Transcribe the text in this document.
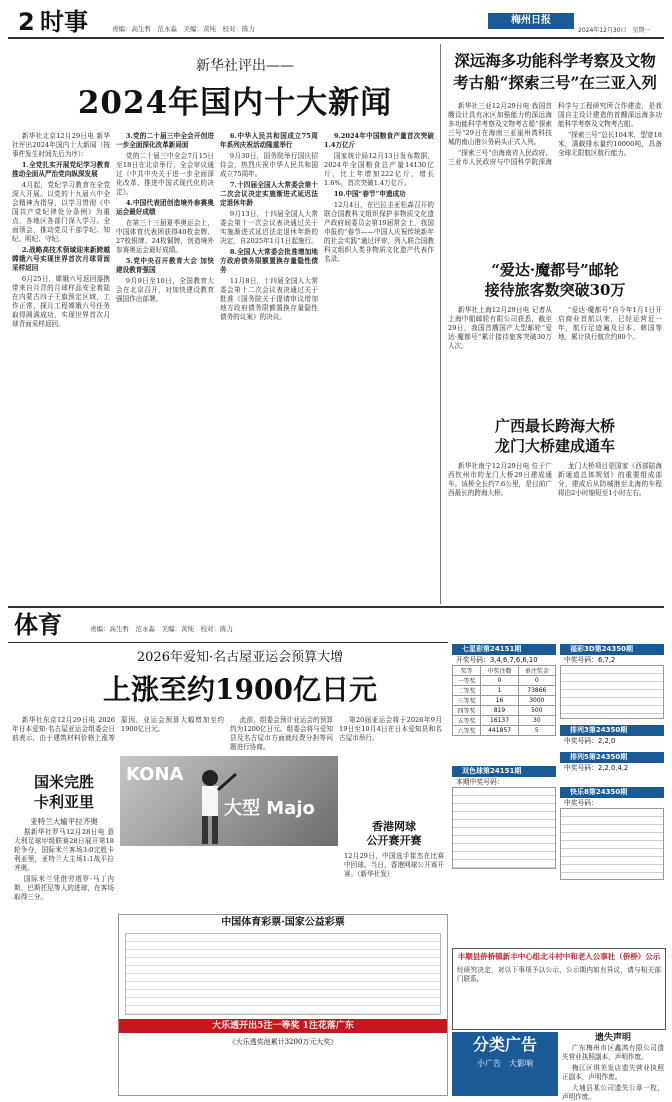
2 时事	责编：高生哲　范永淼　美编：黄纯　校对：陈力
梅州日报
2024年12月30日　星期一
新华社评出——
2024年国内十大新闻

新华社北京12月29日电 新华社评出2024年国内十大新闻（按事件发生时间先后为序）：

1.全党扎实开展党纪学习教育 推动全面从严治党向纵深发展

4月起，党纪学习教育在全党深入开展。以党的十九届六中全会精神为指导，以学习贯彻《中国共产党纪律处分条例》为重点，各地区各部门深入学习、全面领会，推动党员干部学纪、知纪、明纪、守纪。

2.战略高技术领域迎来新跨越 嫦娥六号实现世界首次月球背面采样返回

6月25日，嫦娥六号返回器携带来自月背的月球样品安全着陆在内蒙古四子王旗预定区域，工作正常，探月工程嫦娥六号任务取得圆满成功，实现世界首次月球背面采样返回。

3.党的二十届三中全会开创进一步全面深化改革新局面

党的二十届三中全会7月15日至18日在北京举行，全会审议通过《中共中央关于进一步全面深化改革、推进中国式现代化的决定》。

4.中国代表团创造境外参赛奥运会最好成绩

在第三十三届夏季奥运会上，中国体育代表团获得40枚金牌、27枚银牌、24枚铜牌，创造境外参赛奥运会最好成绩。

5.党中央召开教育大会 加快建设教育强国

9月9日至10日，全国教育大会在北京召开，对加快建设教育强国作出部署。

6.中华人民共和国成立75周年系列庆祝活动隆重举行

9月30日，国务院举行国庆招待会，热烈庆祝中华人民共和国成立75周年。

7.十四届全国人大常委会第十二次会议决定实施渐进式延迟法定退休年龄

9月13日，十四届全国人大常委会第十一次会议表决通过关于实施渐进式延迟法定退休年龄的决定，自2025年1月1日起施行。

8.全国人大常委会批准增加地方政府债务限额置换存量隐性债务

11月8日，十四届全国人大常委会第十二次会议表决通过关于批准《国务院关于提请审议增加地方政府债务限额置换存量隐性债务的议案》的决议。

9.2024年中国粮食产量首次突破1.4万亿斤

国家统计局12月13日发布数据，2024年全国粮食总产量14130亿斤，比上年增加222亿斤，增长1.6%，首次突破1.4万亿斤。

10.中国“春节”申遗成功

12月4日，在巴拉圭亚松森召开的联合国教科文组织保护非物质文化遗产政府间委员会第19届常会上，我国申报的“春节——中国人庆祝传统新年的社会实践”通过评审，列入联合国教科文组织人类非物质文化遗产代表作名录。

深远海多功能科学考察及文物
考古船“探索三号”在三亚入列

新华社三亚12月29日电 我国首艘设计具有冰区加强能力的深远海多功能科学考察及文物考古船“探索三号”29日在海南三亚崖州湾科技城的南山港公务码头正式入列。

“探索三号”由海南省人民政府、三亚市人民政府与中国科学院深海科学与工程研究所合作建造，是我国自主设计建造的首艘深远海多功能科学考察及文物考古船。

“探索三号”总长104米，型宽18米，满载排水量约10000吨，具备全球无限航区航行能力。

“爱达·魔都号”邮轮
接待旅客数突破30万

新华社上海12月29日电 记者从上海中船邮轮有限公司获悉，截至29日，我国首艘国产大型邮轮“爱达·魔都号”累计接待旅客突破30万人次。

“爱达·魔都号”自今年1月1日开启商业首航以来，已经运营近一年，航行足迹遍及日本、韩国等地，累计执行航次约80个。

广西最长跨海大桥
龙门大桥建成通车

新华社南宁12月29日电 位于广西钦州市的龙门大桥29日建成通车。该桥全长约7.6公里，是目前广西最长的跨海大桥。

龙门大桥项目是国家《西部陆海新通道总体规划》的重要组成部分，建成后从防城港至北海的车程将由2小时缩短至1小时左右。

体育	责编：高生哲　范永淼　美编：黄纯　校对：陈力
2026年爱知·名古屋亚运会预算大增
上涨至约1900亿日元

新华社东京12月29日电 2026年日本爱知·名古屋亚运会组委会日前表示，由于建筑材料价格上涨等原因，亚运会预算大幅增加至约1900亿日元。

此前，组委会预计亚运会的预算约为1200亿日元。组委会将与爱知县及名古屋市方面就经费分担等问题进行协商。

第20届亚运会将于2026年9月19日至10月4日在日本爱知县和名古屋市举行。

国米完胜
卡利亚里
亚特兰大输平拉齐奥

据新华社罗马12月28日电 意大利足球甲级联赛28日展开第18轮争夺，国际米兰客场3:0完胜卡利亚里，亚特兰大主场1:1战平拉齐奥。

国际米兰凭借劳塔罗·马丁内斯、巴斯托尼等人的进球，在客场取得三分。

KONA
大型 Majo
香港网球
公开赛开赛
12月29日，中国选手崔杰在比赛中回球。当日，香港网球公开赛开赛。（新华社发）
中国体育彩票·国家公益彩票
大乐透开出5注一等奖 1注花落广东
《大乐透奖池累计3200万元大奖》
七星彩第24151期
开奖号码：3,4,6,7,6,6,10
奖等	中奖注数	单注奖金
一等奖	0	0
二等奖	1	73866
三等奖	16	3000
四等奖	819	500
五等奖	16137	30
六等奖	441857	5
双色球第24151期
本期中奖号码：
福彩3D第24350期
中奖号码：6,7,2
排列3第24350期
中奖号码：2,2,0
排列5第24350期
中奖号码：2,2,0,4,2
快乐8第24350期
中奖号码：
丰顺县侨桥镇新丰中心组北斗村中和老人公事社（侨桥）公示
经研究决定，对以下事项予以公示，公示期内如有异议，请与相关部门联系。
分类广告
小广告　大影响
遗失声明

广东梅州市区鑫鸿有限公司遗失营业执照副本，声明作废。

梅江区琪美发店遗失营业执照正副本，声明作废。

大埔县某公司遗失公章一枚，声明作废。
